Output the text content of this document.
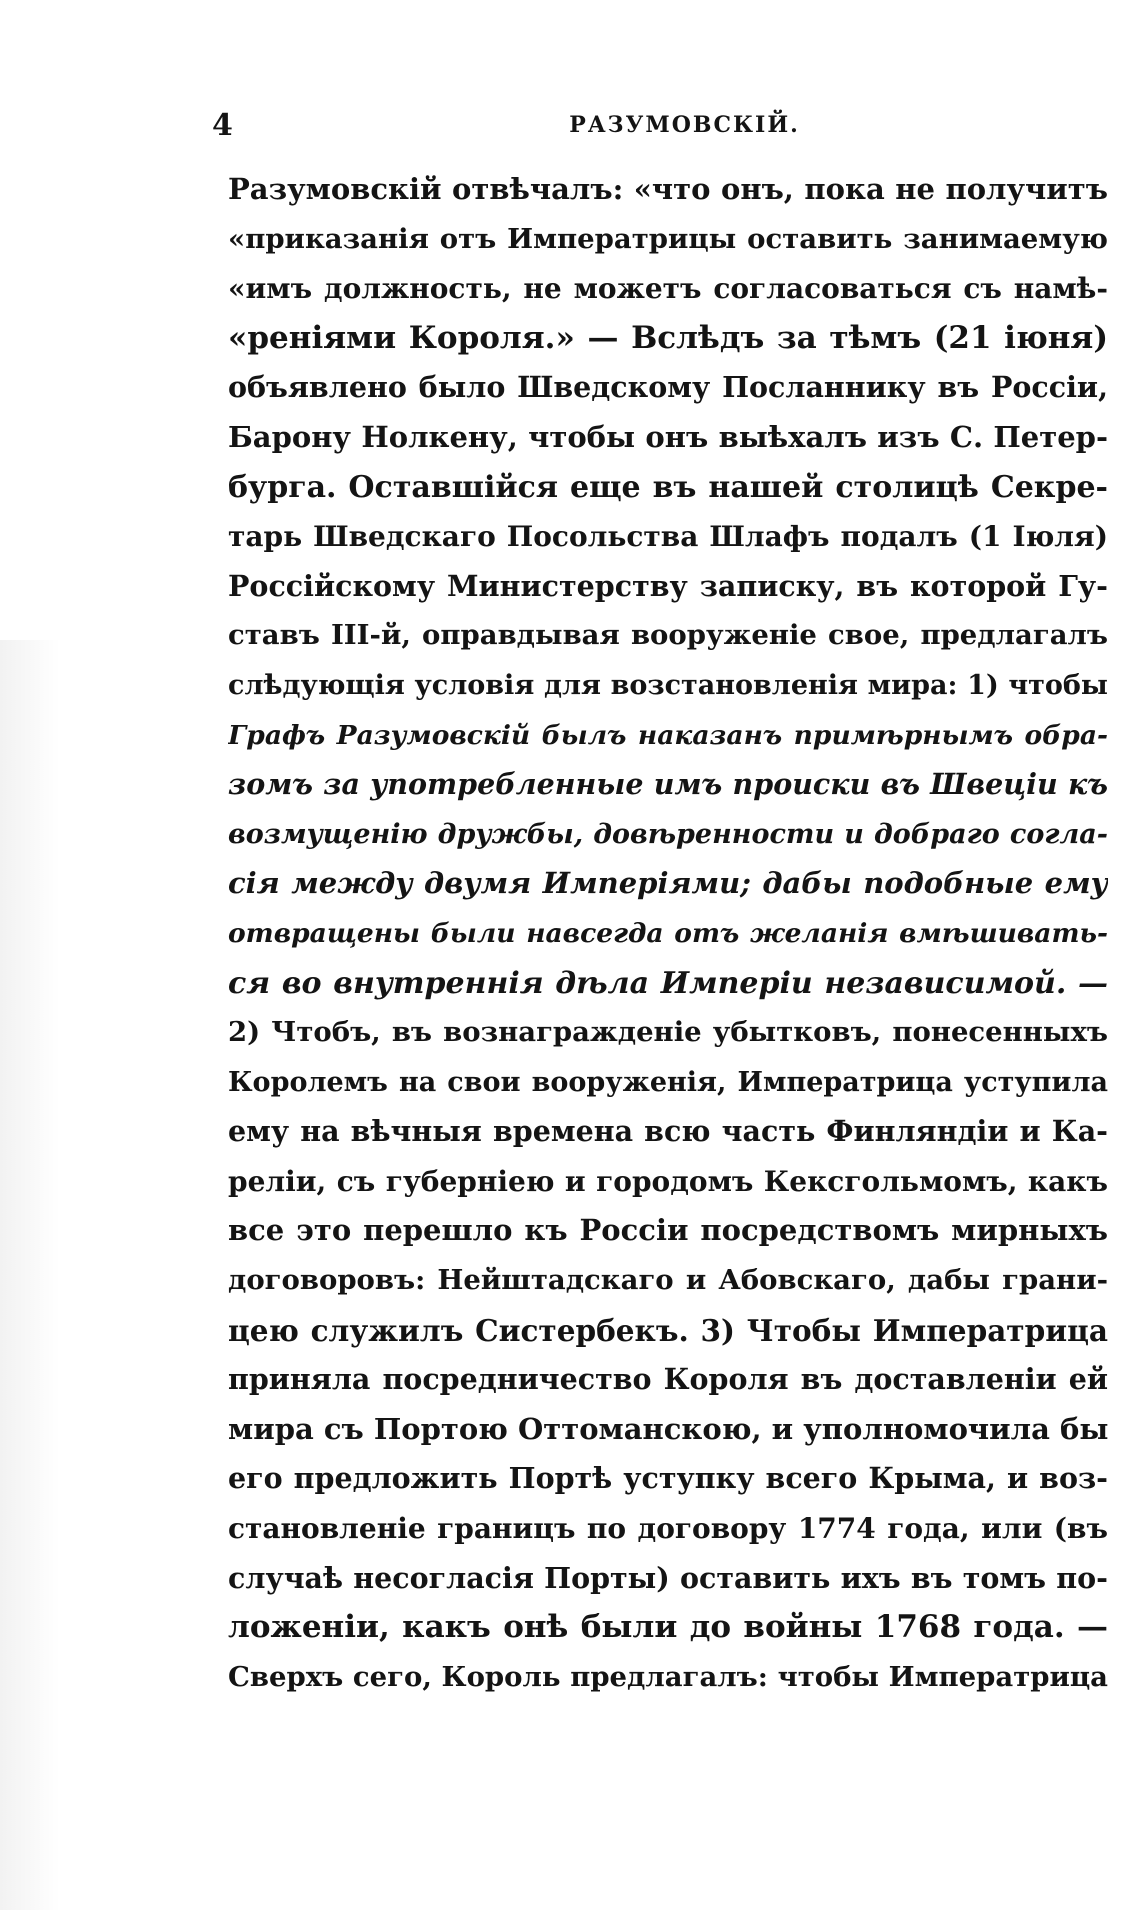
4	РАЗУМОВСКІЙ.
Разумовскій отвѣчалъ: «что онъ, пока не получитъ
«приказанія отъ Императрицы оставить занимаемую
«имъ должность, не можетъ согласоваться съ намѣ-
«реніями Короля.» — Вслѣдъ за тѣмъ (21 іюня)
объявлено было Шведскому Посланнику въ Россіи,
Барону Нолкену, чтобы онъ выѣхалъ изъ С. Петер-
бурга. Оставшійся еще въ нашей столицѣ Секре-
тарь Шведскаго Посольства Шлафъ подалъ (1 Іюля)
Россійскому Министерству записку, въ которой Гу-
ставъ III-й, оправдывая вооруженіе свое, предлагалъ
слѣдующія условія для возстановленія мира: 1) чтобы
Графъ Разумовскій былъ наказанъ примѣрнымъ обра-
зомъ за употребленные имъ происки въ Швеціи къ
возмущенію дружбы, довѣренности и добраго согла-
сія между двумя Имперіями; дабы подобные ему
отвращены были навсегда отъ желанія вмѣшивать-
ся во внутреннія дѣла Имперіи независимой. —
2) Чтобъ, въ вознагражденіе убытковъ, понесенныхъ
Королемъ на свои вооруженія, Императрица уступила
ему на вѣчныя времена всю часть Финляндіи и Ка-
реліи, съ губерніею и городомъ Кексгольмомъ, какъ
все это перешло къ Россіи посредствомъ мирныхъ
договоровъ: Нейштадскаго и Абовскаго, дабы грани-
цею служилъ Систербекъ. 3) Чтобы Императрица
приняла посредничество Короля въ доставленіи ей
мира съ Портою Оттоманскою, и уполномочила бы
его предложить Портѣ уступку всего Крыма, и воз-
становленіе границъ по договору 1774 года, или (въ
случаѣ несогласія Порты) оставить ихъ въ томъ по-
ложеніи, какъ онѣ были до войны 1768 года. —
Сверхъ сего, Король предлагалъ: чтобы Императрица
